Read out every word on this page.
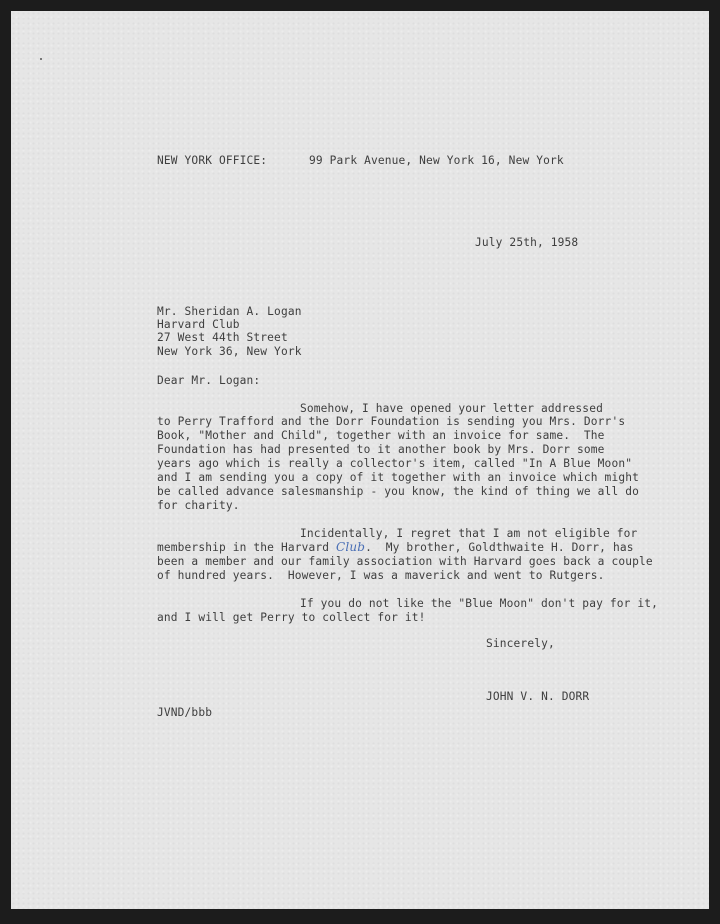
NEW YORK OFFICE:	99 Park Avenue, New York 16, New York
July 25th, 1958
Mr. Sheridan A. Logan
Harvard Club
27 West 44th Street
New York 36, New York
Dear Mr. Logan:
Somehow, I have opened your letter addressed
to Perry Trafford and the Dorr Foundation is sending you Mrs. Dorr's
Book, "Mother and Child", together with an invoice for same.  The
Foundation has had presented to it another book by Mrs. Dorr some
years ago which is really a collector's item, called "In A Blue Moon"
and I am sending you a copy of it together with an invoice which might
be called advance salesmanship - you know, the kind of thing we all do
for charity.
Incidentally, I regret that I am not eligible for
membership in the Harvard Club.  My brother, Goldthwaite H. Dorr, has
been a member and our family association with Harvard goes back a couple
of hundred years.  However, I was a maverick and went to Rutgers.
If you do not like the "Blue Moon" don't pay for it,
and I will get Perry to collect for it!
Sincerely,
JOHN V. N. DORR
JVND/bbb
